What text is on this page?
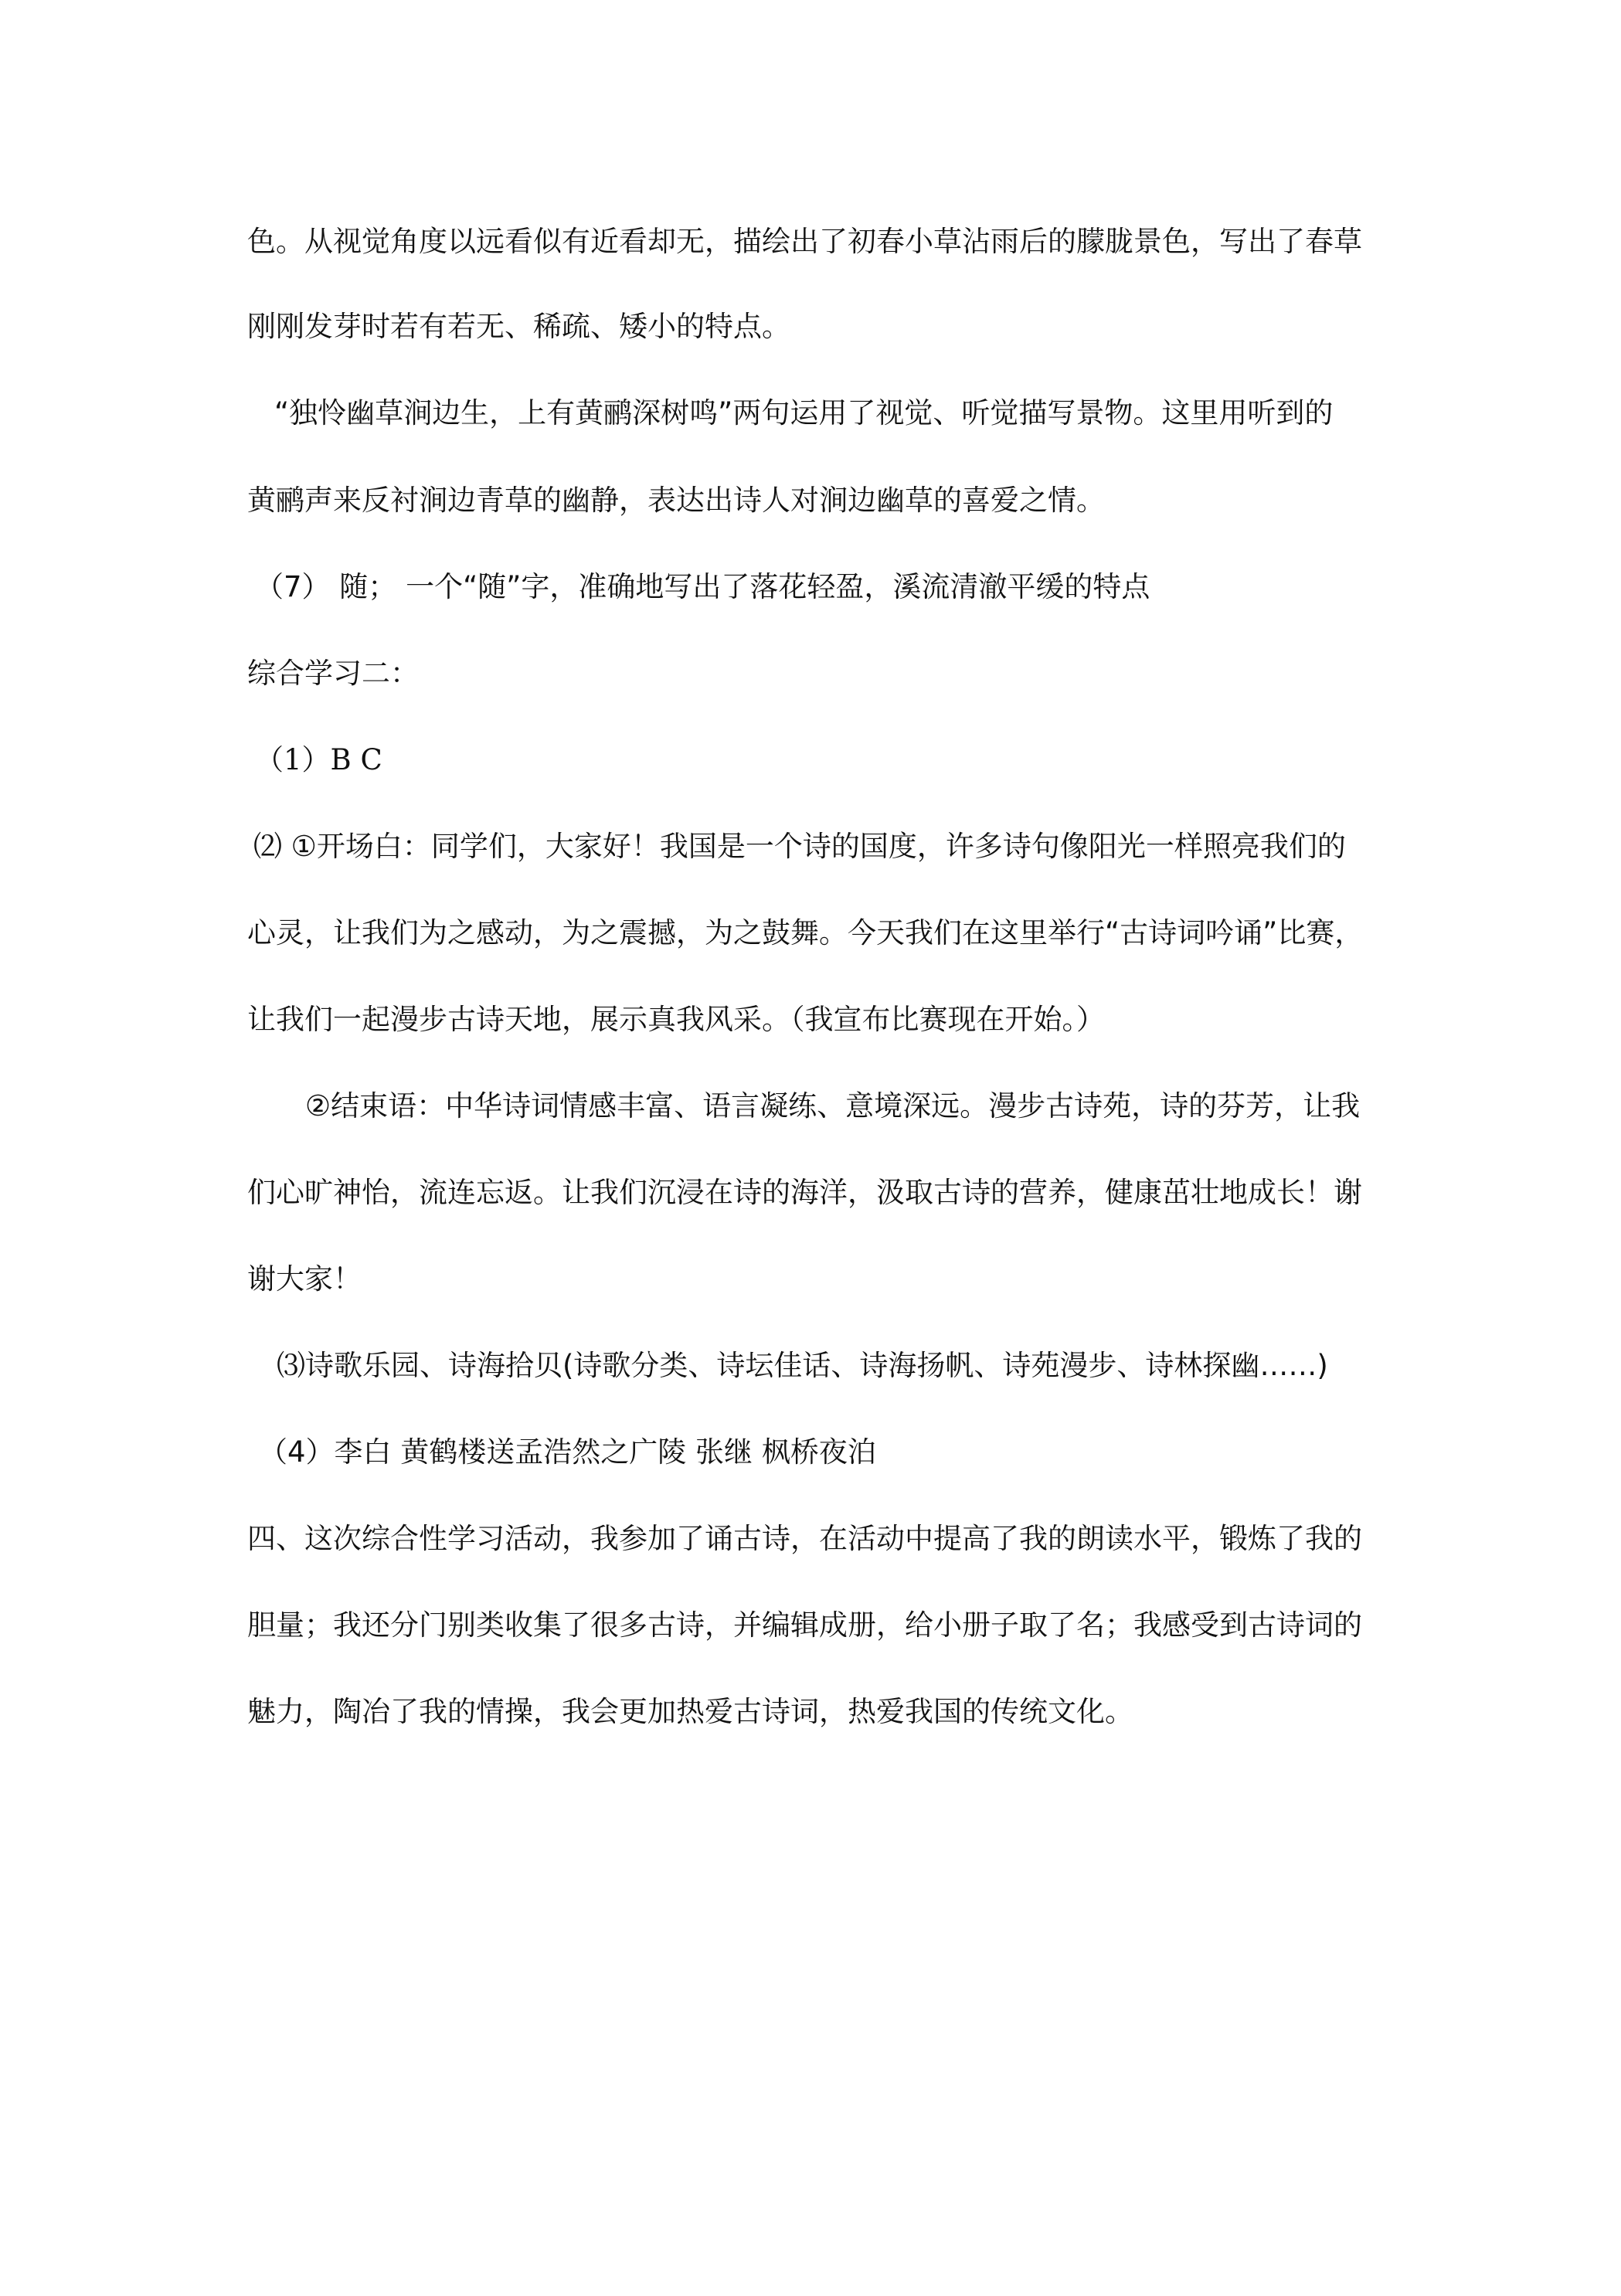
色。从视觉角度以远看似有近看却无，描绘出了初春小草沾雨后的朦胧景色，写出了春草

刚刚发芽时若有若无、稀疏、矮小的特点。

“独怜幽草涧边生，上有黄鹂深树鸣”两句运用了视觉、听觉描写景物。这里用听到的

黄鹂声来反衬涧边青草的幽静，表达出诗人对涧边幽草的喜爱之情。

（7） 随； 一个“随”字，准确地写出了落花轻盈，溪流清澈平缓的特点

综合学习二：

（1）B C

⑵ ①开场白：同学们，大家好！我国是一个诗的国度，许多诗句像阳光一样照亮我们的

心灵，让我们为之感动，为之震撼，为之鼓舞。今天我们在这里举行“古诗词吟诵”比赛，

让我们一起漫步古诗天地，展示真我风采。（我宣布比赛现在开始。）

②结束语：中华诗词情感丰富、语言凝练、意境深远。漫步古诗苑，诗的芬芳，让我

们心旷神怡，流连忘返。让我们沉浸在诗的海洋，汲取古诗的营养，健康茁壮地成长！谢

谢大家！

⑶诗歌乐园、诗海拾贝(诗歌分类、诗坛佳话、诗海扬帆、诗苑漫步、诗林探幽……)

（4）李白 黄鹤楼送孟浩然之广陵 张继 枫桥夜泊

四、这次综合性学习活动，我参加了诵古诗，在活动中提高了我的朗读水平，锻炼了我的

胆量；我还分门别类收集了很多古诗，并编辑成册，给小册子取了名；我感受到古诗词的

魅力，陶冶了我的情操，我会更加热爱古诗词，热爱我国的传统文化。
